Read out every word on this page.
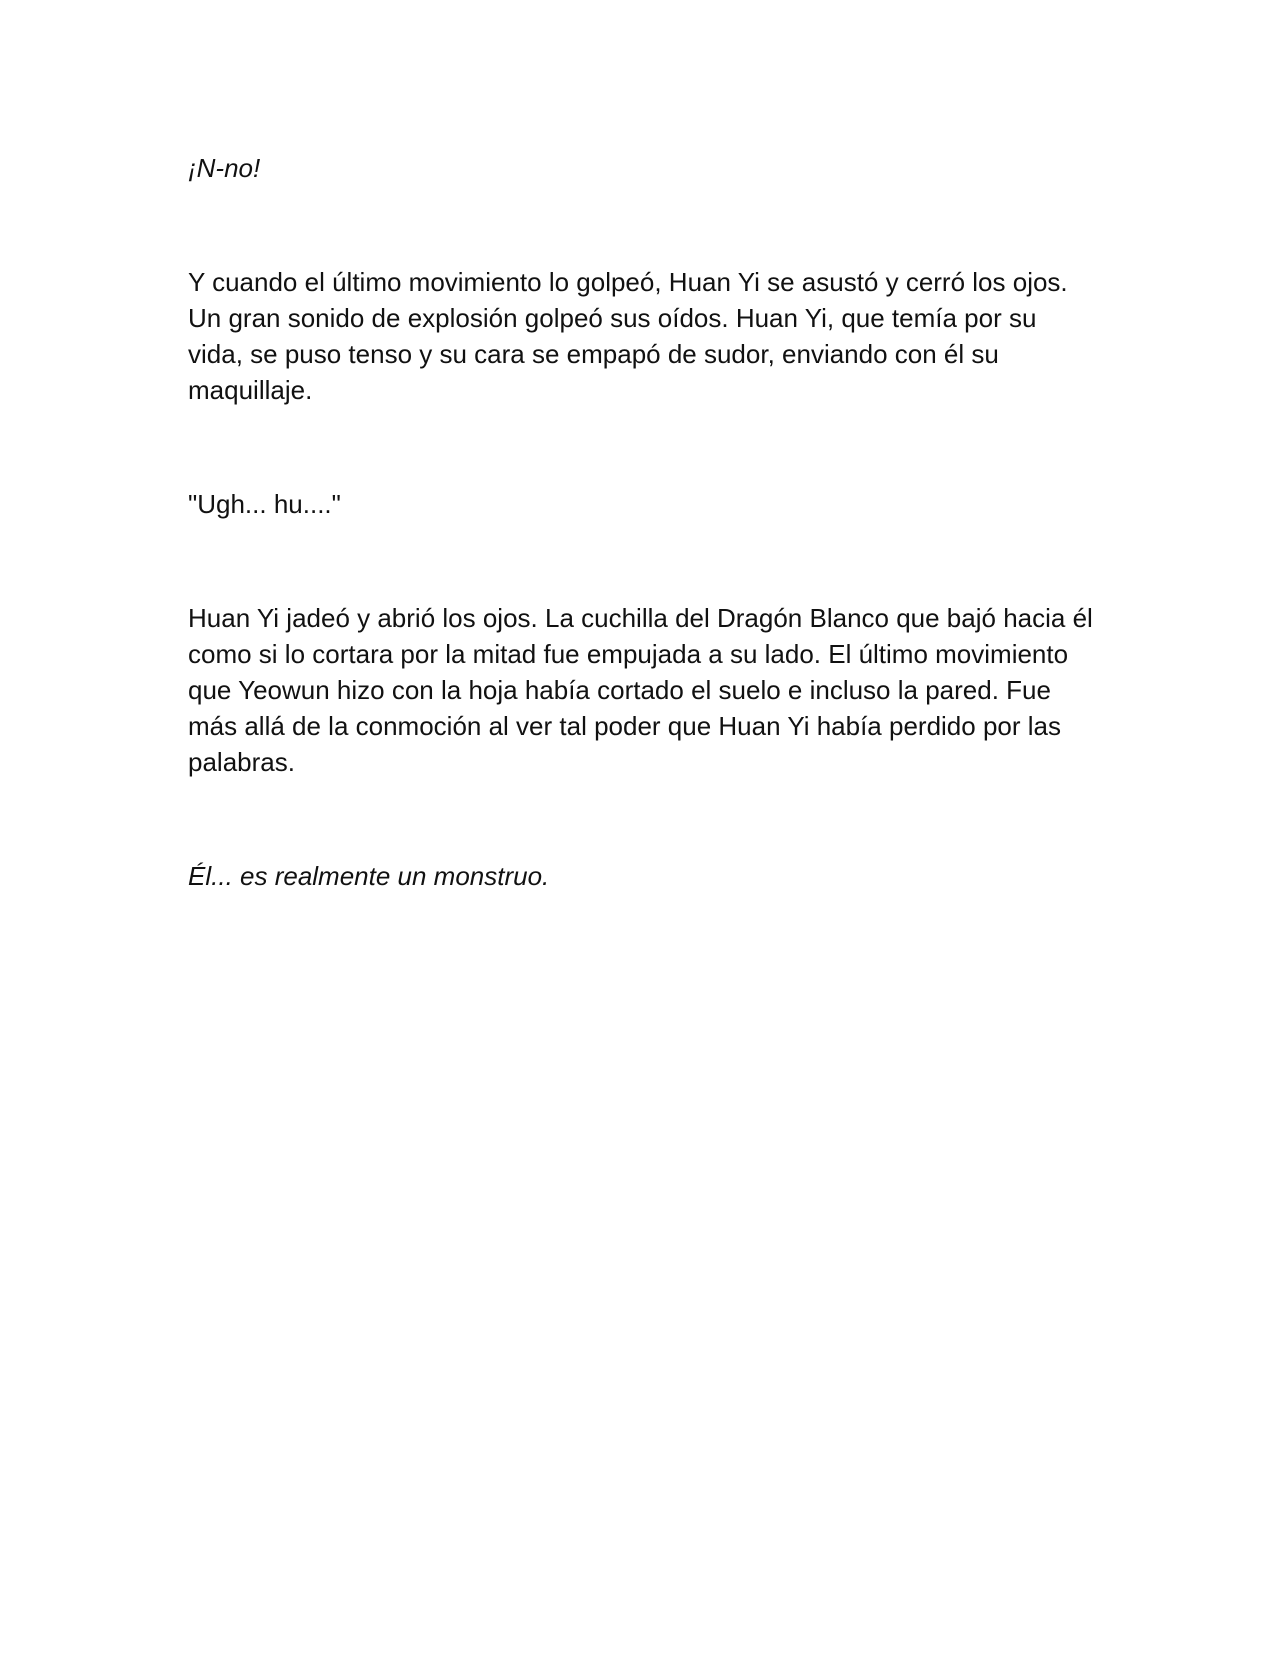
¡N-no!

Y cuando el último movimiento lo golpeó, Huan Yi se asustó y cerró los ojos. Un gran sonido de explosión golpeó sus oídos. Huan Yi, que temía por su vida, se puso tenso y su cara se empapó de sudor, enviando con él su maquillaje.

"Ugh... hu...."

Huan Yi jadeó y abrió los ojos. La cuchilla del Dragón Blanco que bajó hacia él como si lo cortara por la mitad fue empujada a su lado. El último movimiento que Yeowun hizo con la hoja había cortado el suelo e incluso la pared. Fue más allá de la conmoción al ver tal poder que Huan Yi había perdido por las palabras.

Él... es realmente un monstruo.
